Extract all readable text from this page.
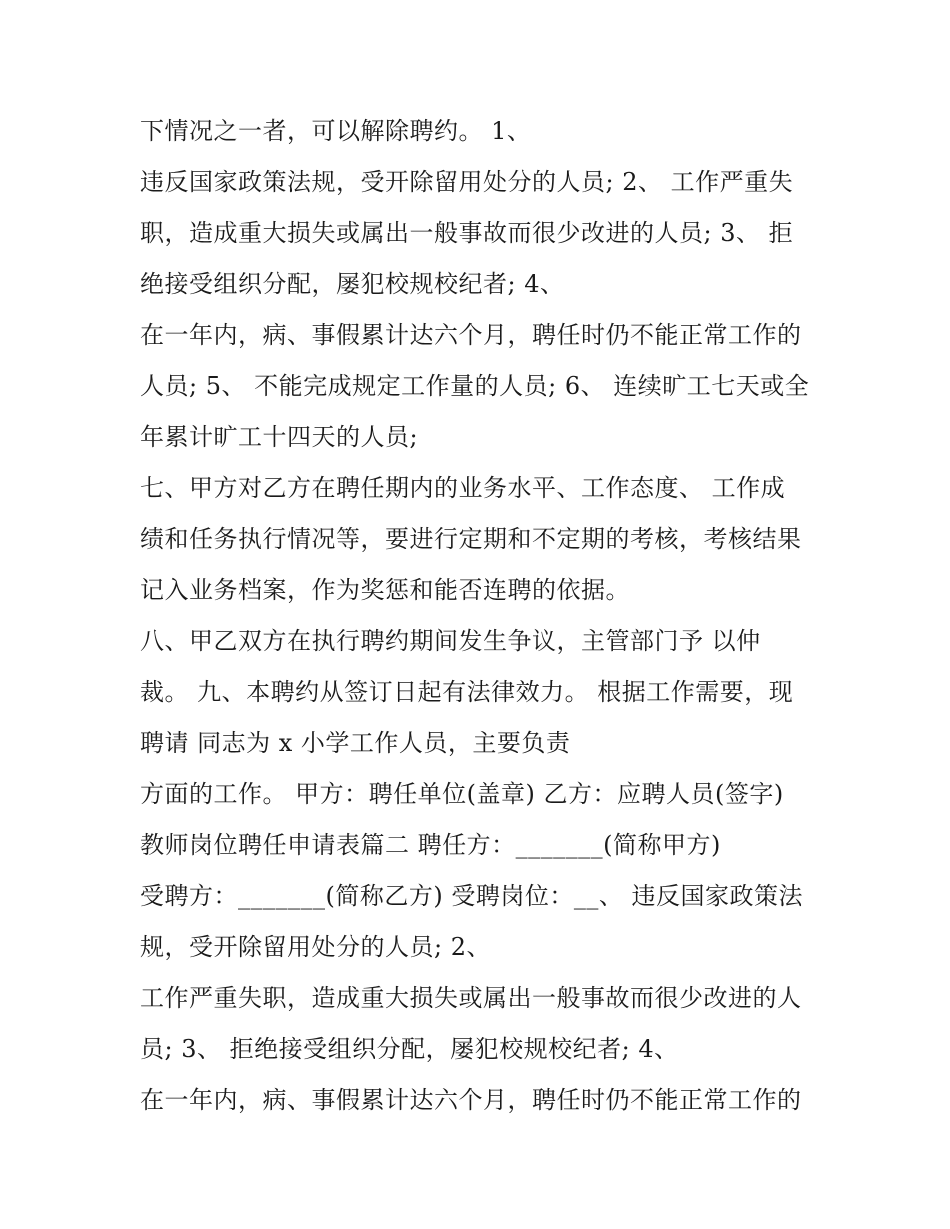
下情况之一者，可以解除聘约。 1、
违反国家政策法规，受开除留用处分的人员; 2、 工作严重失
职，造成重大损失或属出一般事故而很少改进的人员; 3、 拒
绝接受组织分配，屡犯校规校纪者; 4、
在一年内，病、事假累计达六个月，聘任时仍不能正常工作的
人员; 5、 不能完成规定工作量的人员; 6、 连续旷工七天或全
年累计旷工十四天的人员;
七、甲方对乙方在聘任期内的业务水平、工作态度、 工作成
绩和任务执行情况等，要进行定期和不定期的考核，考核结果
记入业务档案，作为奖惩和能否连聘的依据。
八、甲乙双方在执行聘约期间发生争议，主管部门予 以仲
裁。 九、本聘约从签订日起有法律效力。 根据工作需要，现
聘请 同志为 x 小学工作人员，主要负责
方面的工作。 甲方：聘任单位(盖章) 乙方：应聘人员(签字)
教师岗位聘任申请表篇二 聘任方：_______(简称甲方)
受聘方：_______(简称乙方) 受聘岗位：__、 违反国家政策法
规，受开除留用处分的人员; 2、
工作严重失职，造成重大损失或属出一般事故而很少改进的人
员; 3、 拒绝接受组织分配，屡犯校规校纪者; 4、
在一年内，病、事假累计达六个月，聘任时仍不能正常工作的
